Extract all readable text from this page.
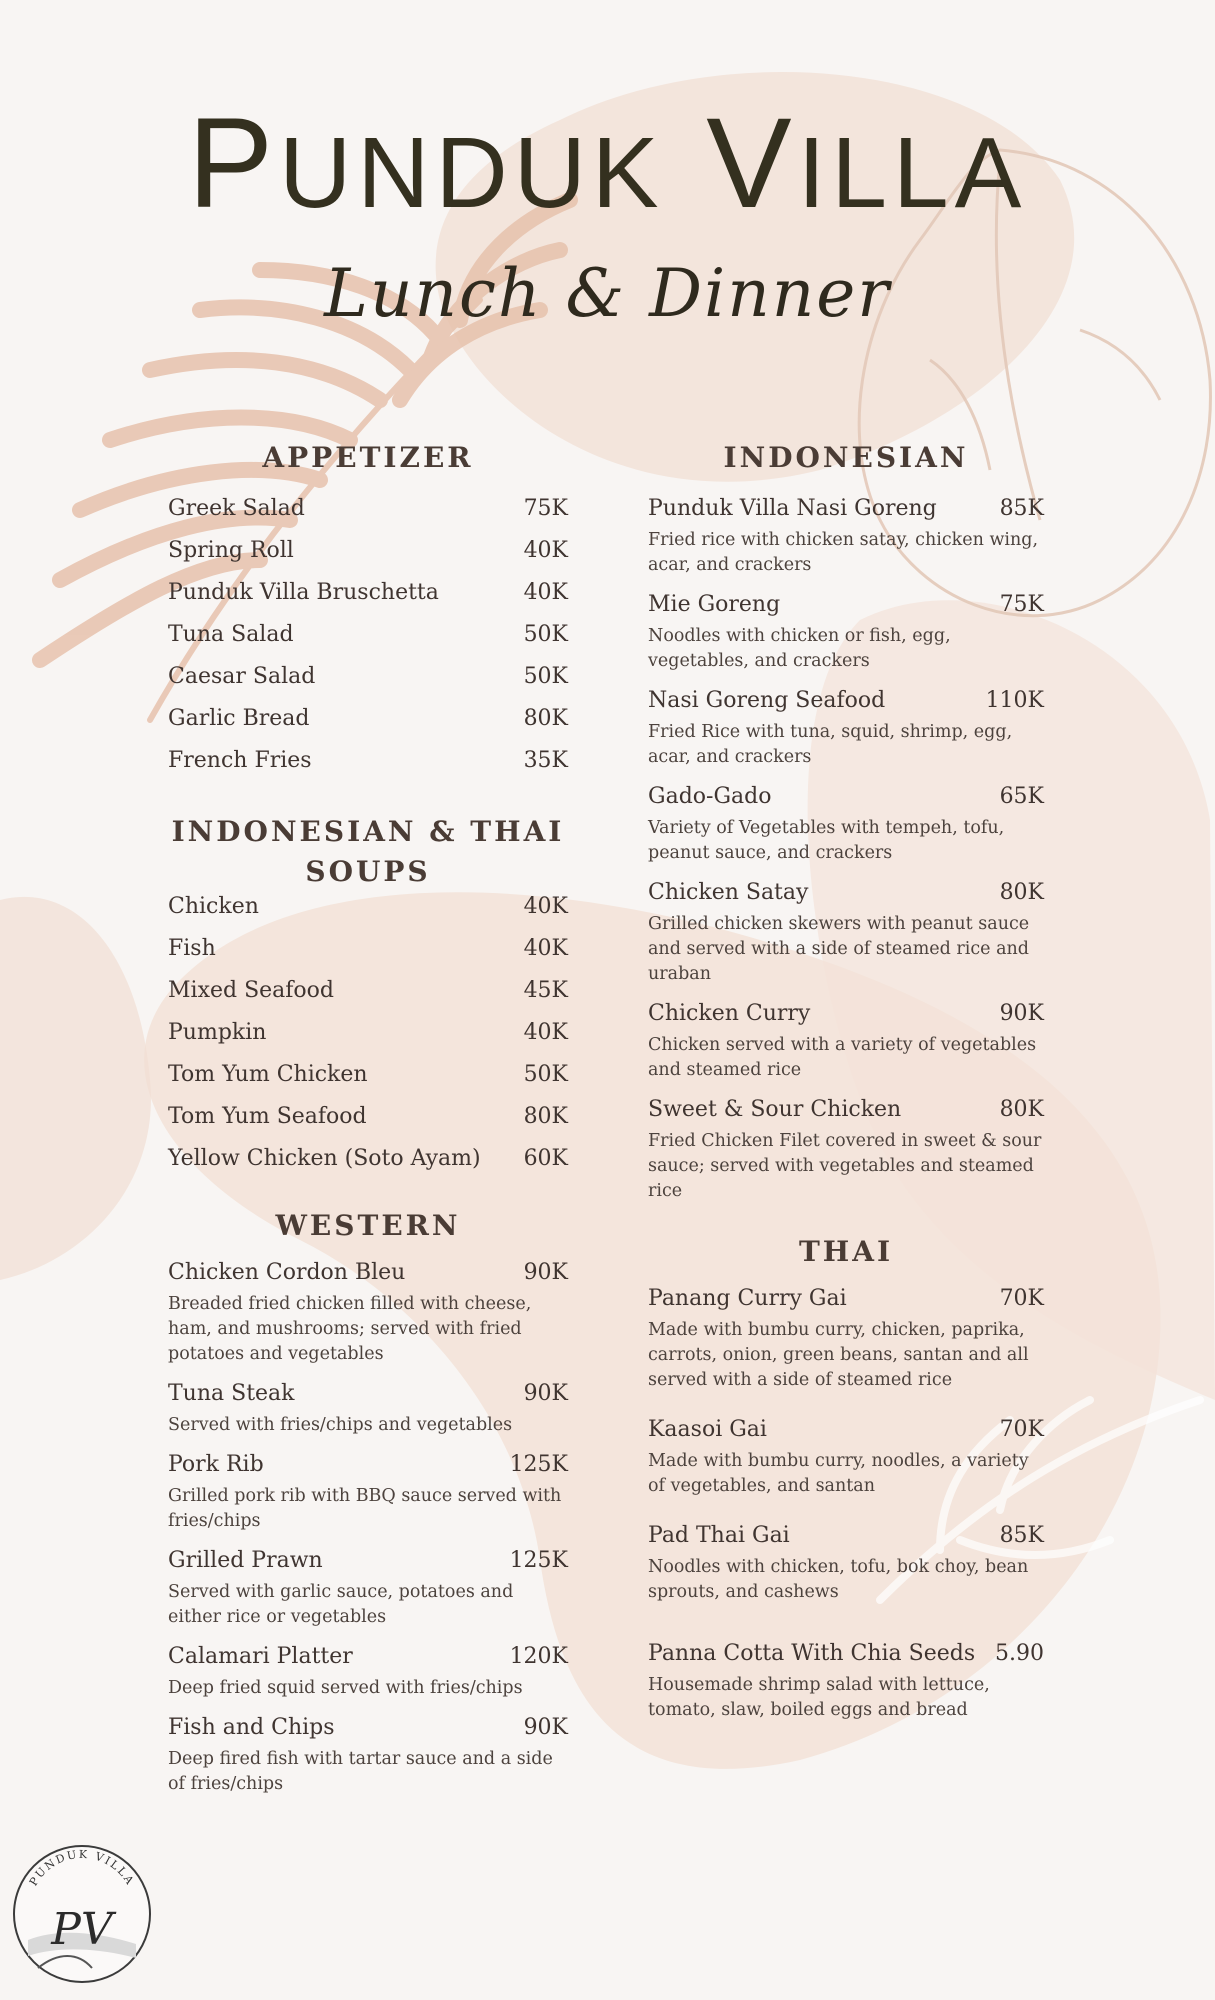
PUNDUK VILLA
Lunch & Dinner
APPETIZER
Greek Salad	75K
Spring Roll	40K
Punduk Villa Bruschetta	40K
Tuna Salad	50K
Caesar Salad	50K
Garlic Bread	80K
French Fries	35K
INDONESIAN & THAI
SOUPS
Chicken	40K
Fish	40K
Mixed Seafood	45K
Pumpkin	40K
Tom Yum Chicken	50K
Tom Yum Seafood	80K
Yellow Chicken (Soto Ayam) 60K
WESTERN
Chicken Cordon Bleu	90K
Breaded fried chicken filled with cheese, ham, and mushrooms; served with fried potatoes and vegetables
Tuna Steak	90K
Served with fries/chips and vegetables
Pork Rib	125K
Grilled pork rib with BBQ sauce served with fries/chips
Grilled Prawn	125K
Served with garlic sauce, potatoes and either rice or vegetables
Calamari Platter	120K
Deep fried squid served with fries/chips
Fish and Chips	90K
Deep fired fish with tartar sauce and a side of fries/chips
INDONESIAN
Punduk Villa Nasi Goreng	85K
Fried rice with chicken satay, chicken wing, acar, and crackers
Mie Goreng	75K
Noodles with chicken or fish, egg, vegetables, and crackers
Nasi Goreng Seafood	110K
Fried Rice with tuna, squid, shrimp, egg, acar, and crackers
Gado-Gado	65K
Variety of Vegetables with tempeh, tofu, peanut sauce, and crackers
Chicken Satay	80K
Grilled chicken skewers with peanut sauce and served with a side of steamed rice and uraban
Chicken Curry	90K
Chicken served with a variety of vegetables and steamed rice
Sweet & Sour Chicken	80K
Fried Chicken Filet covered in sweet & sour sauce; served with vegetables and steamed rice
THAI
Panang Curry Gai	70K
Made with bumbu curry, chicken, paprika, carrots, onion, green beans, santan and all served with a side of steamed rice
Kaasoi Gai	70K
Made with bumbu curry, noodles, a variety of vegetables, and santan
Pad Thai Gai	85K
Noodles with chicken, tofu, bok choy, bean sprouts, and cashews
Panna Cotta With Chia Seeds 5.90
Housemade shrimp salad with lettuce, tomato, slaw, boiled eggs and bread
PUNDUK VILLA
PV
